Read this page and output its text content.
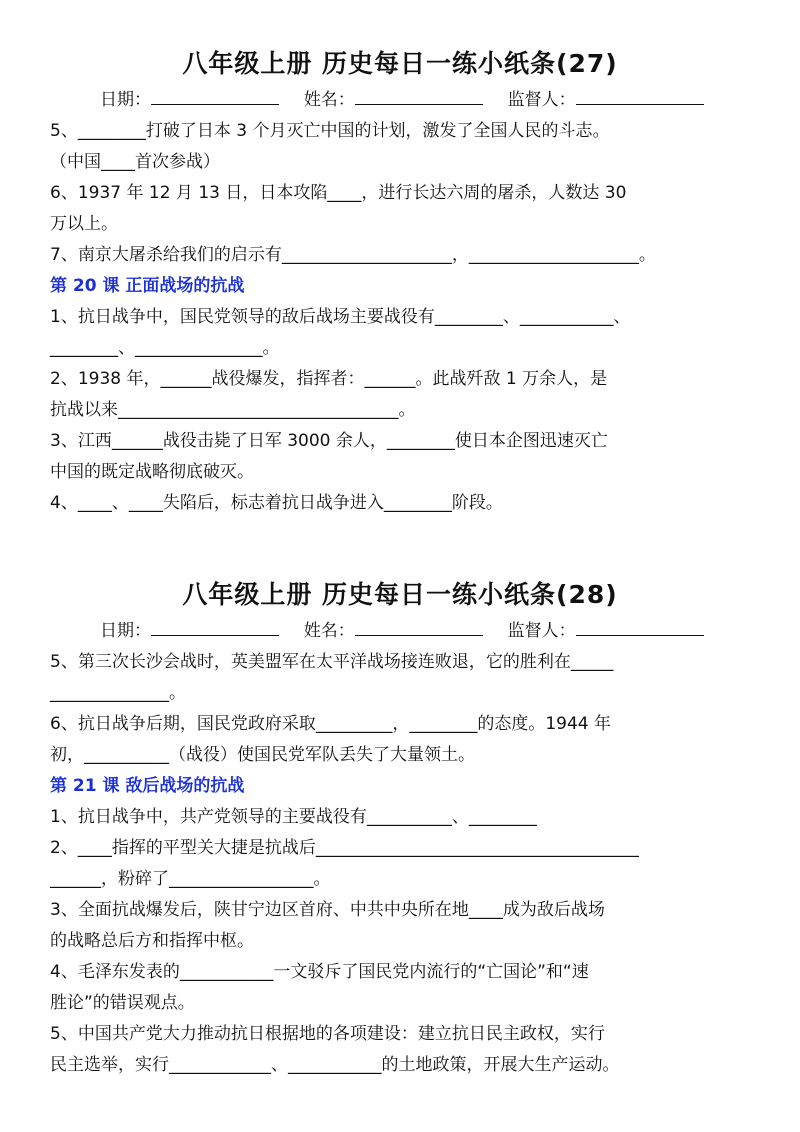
八年级上册 历史每日一练小纸条(27)
日期：	姓名：	监督人：

5、________打破了日本 3 个月灭亡中国的计划，激发了全国人民的斗志。

（中国____首次参战）

6、1937 年 12 月 13 日，日本攻陷____，进行长达六周的屠杀，人数达 30

万以上。

7、南京大屠杀给我们的启示有____________________，____________________。

第 20 课 正面战场的抗战

1、抗日战争中，国民党领导的敌后战场主要战役有________、___________、

________、_______________。

2、1938 年，______战役爆发，指挥者：______。此战歼敌 1 万余人，是

抗战以来_________________________________。

3、江西______战役击毙了日军 3000 余人，________使日本企图迅速灭亡

中国的既定战略彻底破灭。

4、____、____失陷后，标志着抗日战争进入________阶段。

八年级上册 历史每日一练小纸条(28)
日期：	姓名：	监督人：

5、第三次长沙会战时，英美盟军在太平洋战场接连败退，它的胜利在_____

______________。

6、抗日战争后期，国民党政府采取_________，________的态度。1944 年

初，__________（战役）使国民党军队丢失了大量领土。

第 21 课 敌后战场的抗战

1、抗日战争中，共产党领导的主要战役有__________、________

2、____指挥的平型关大捷是抗战后______________________________________

______，粉碎了_________________。

3、全面抗战爆发后，陕甘宁边区首府、中共中央所在地____成为敌后战场

的战略总后方和指挥中枢。

4、毛泽东发表的___________一文驳斥了国民党内流行的“亡国论”和“速

胜论”的错误观点。

5、中国共产党大力推动抗日根据地的各项建设：建立抗日民主政权，实行

民主选举，实行____________、___________的土地政策，开展大生产运动。
